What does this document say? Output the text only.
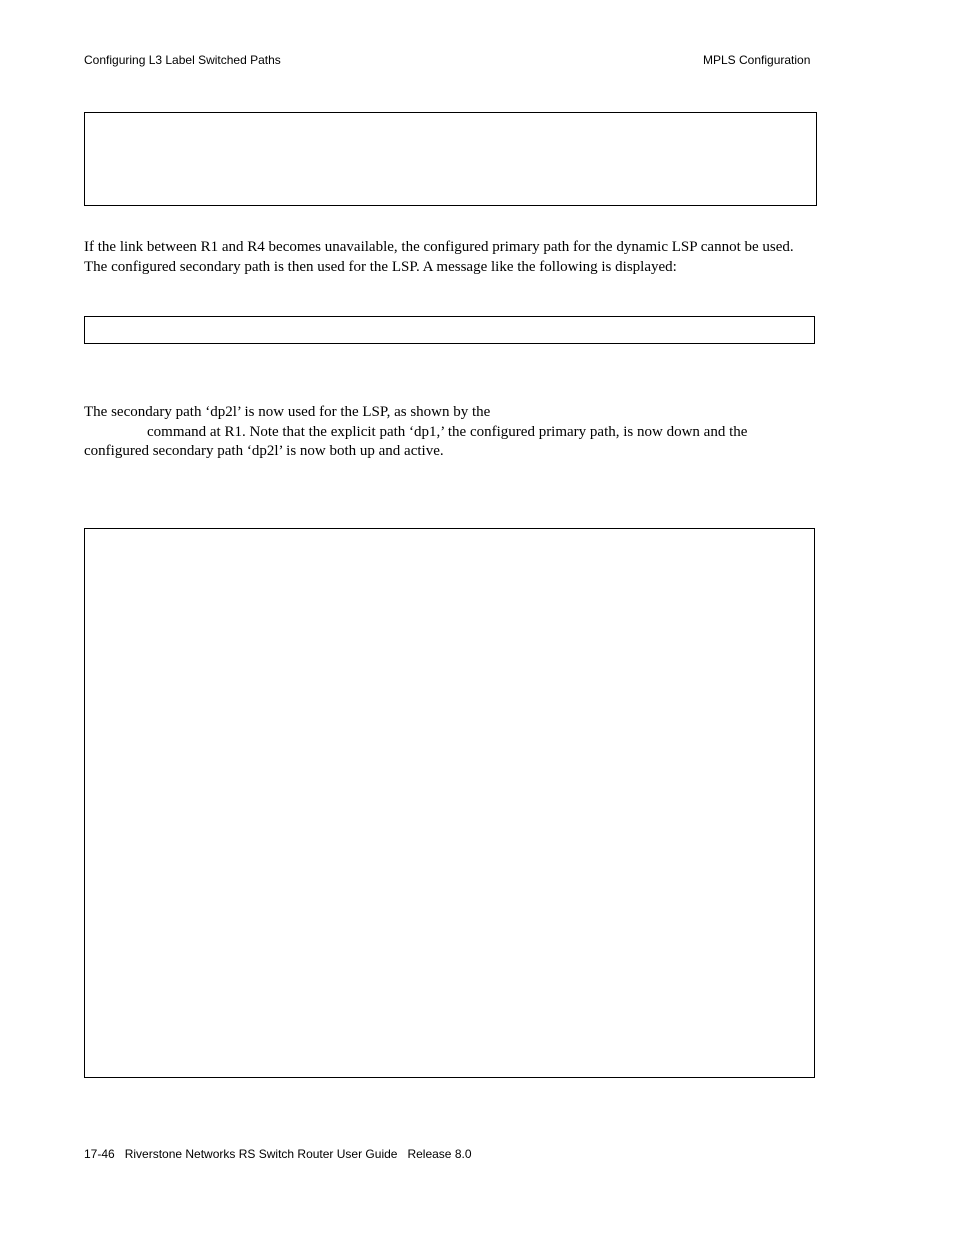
Configuring L3 Label Switched Paths	MPLS Configuration
If the link between R1 and R4 becomes unavailable, the configured primary path for the dynamic LSP cannot be used.
The configured secondary path is then used for the LSP. A message like the following is displayed:
The secondary path ‘dp2l’ is now used for the LSP, as shown by the
command at R1. Note that the explicit path ‘dp1,’ the configured primary path, is now down and the
configured secondary path ‘dp2l’ is now both up and active.
17-46   Riverstone Networks RS Switch Router User Guide   Release 8.0
